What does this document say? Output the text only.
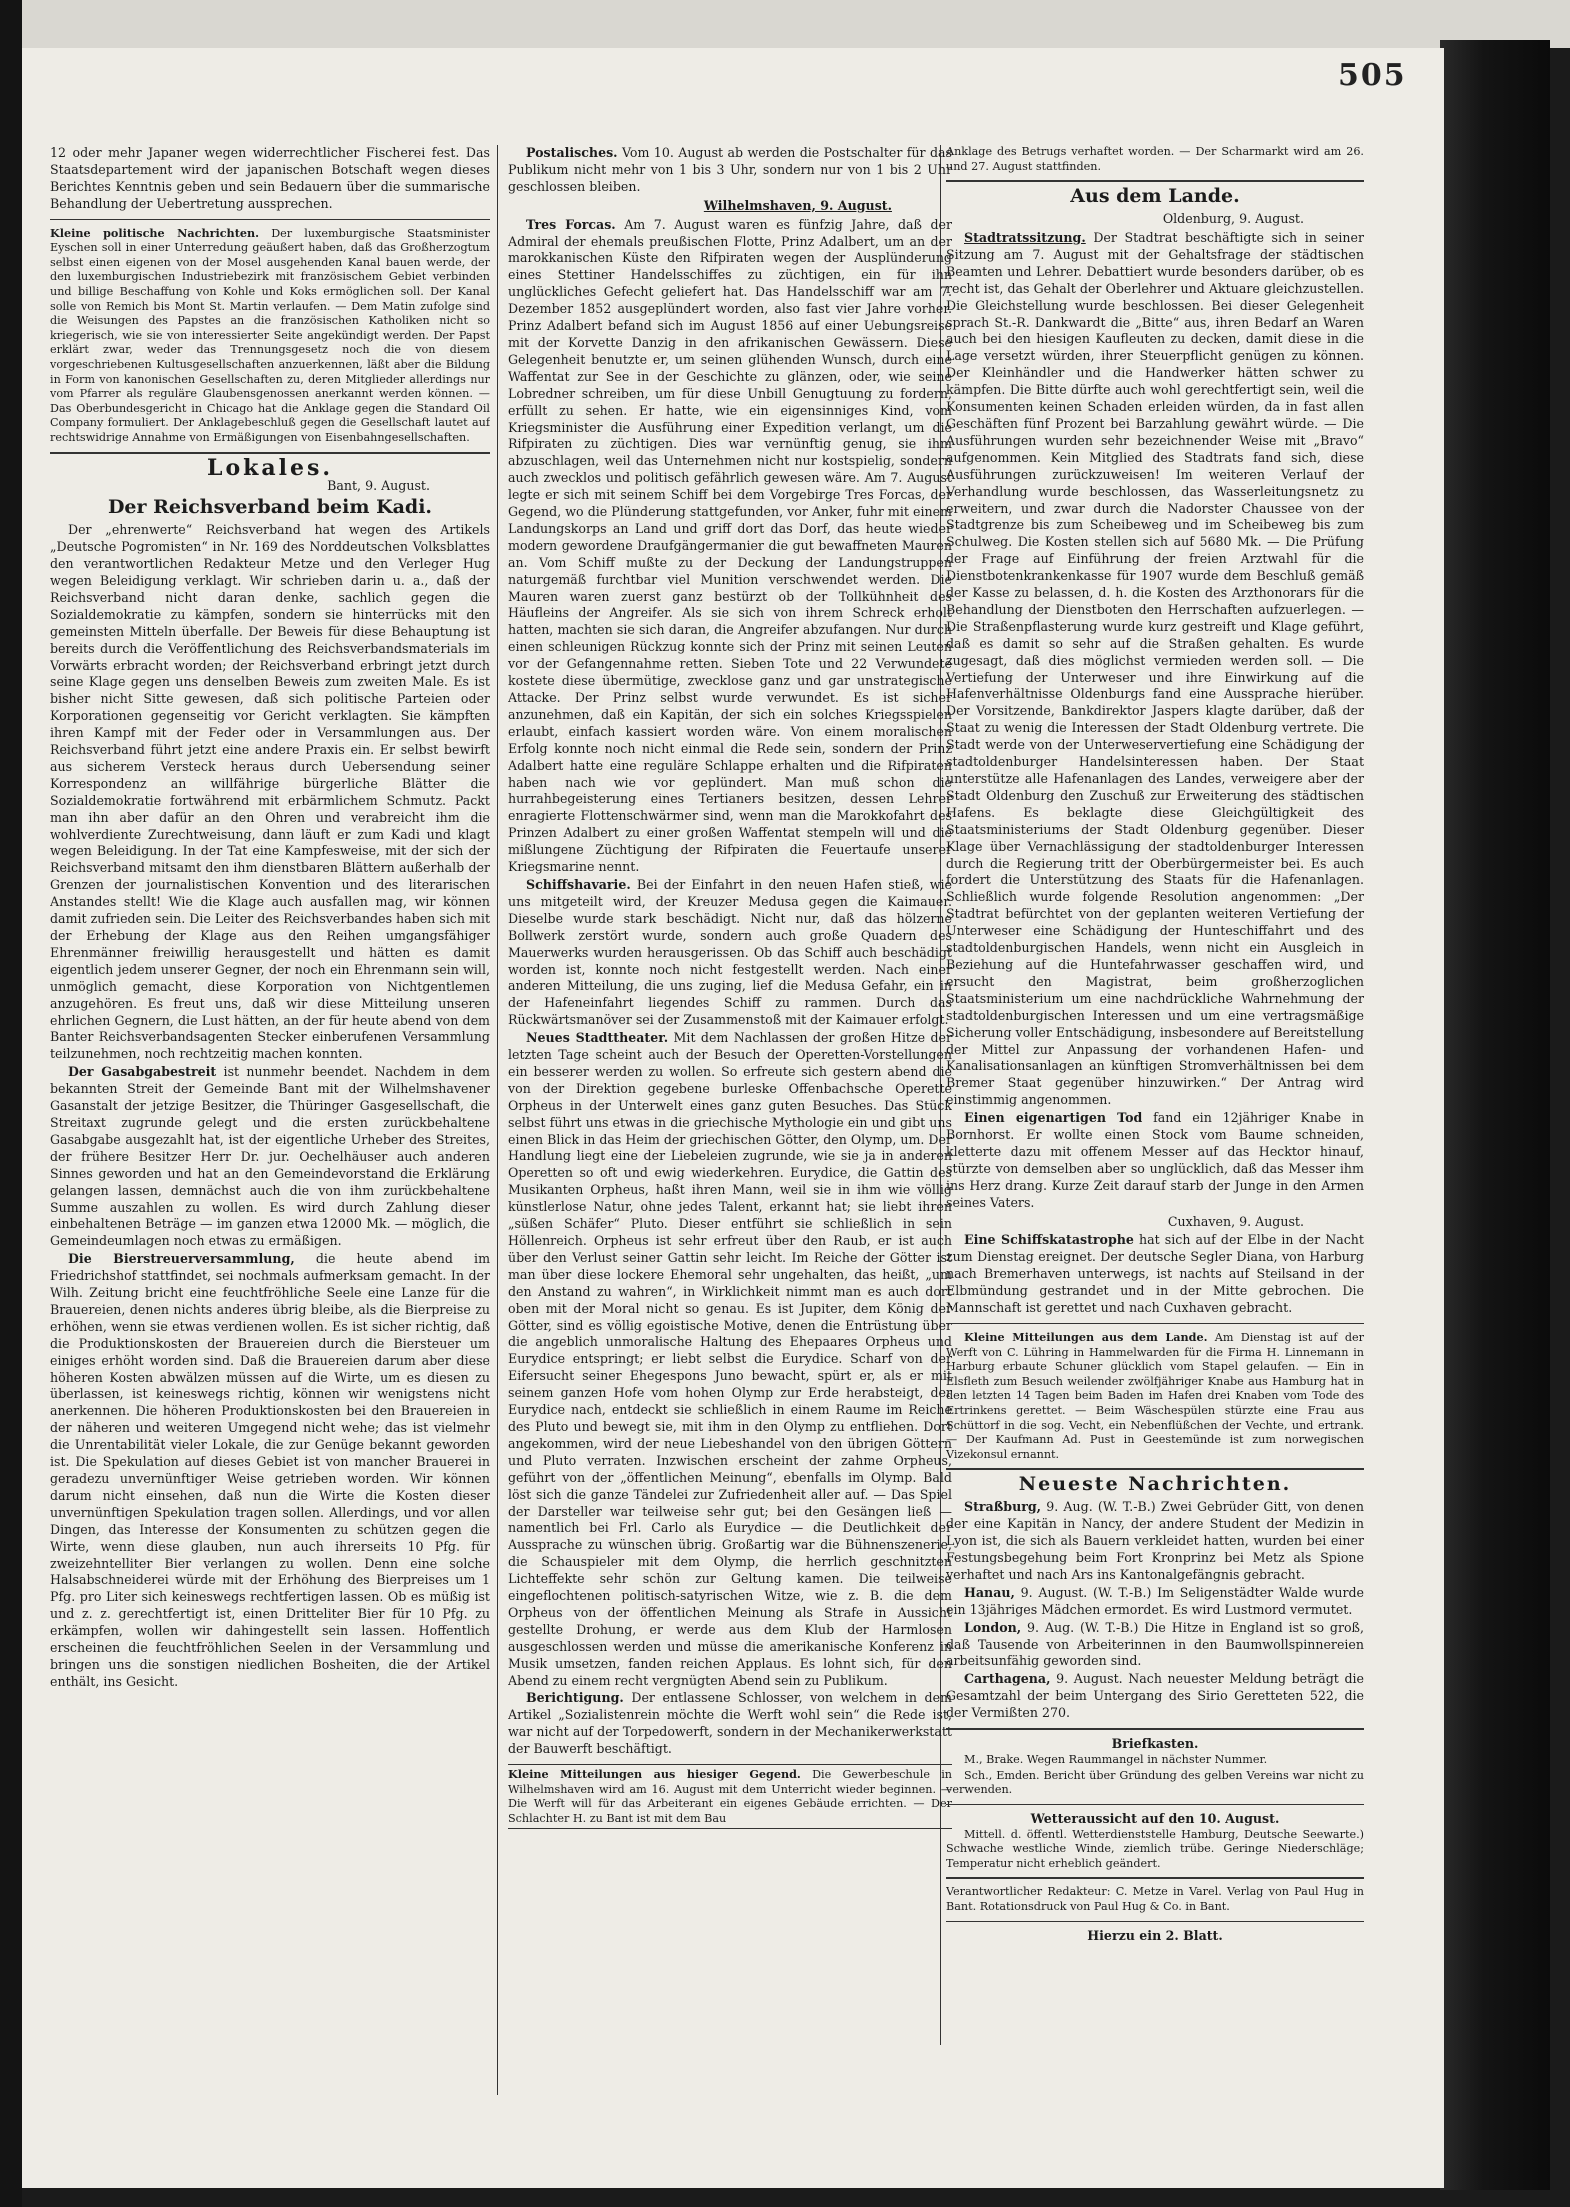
505

12 oder mehr Japaner wegen widerrechtlicher Fischerei fest. Das Staatsdepartement wird der japanischen Botschaft wegen dieses Berichtes Kenntnis geben und sein Bedauern über die summarische Behandlung der Uebertretung aussprechen.

Kleine politische Nachrichten. Der luxemburgische Staatsminister Eyschen soll in einer Unterredung geäußert haben, daß das Großherzogtum selbst einen eigenen von der Mosel ausgehenden Kanal bauen werde, der den luxemburgischen Industriebezirk mit französischem Gebiet verbinden und billige Beschaffung von Kohle und Koks ermöglichen soll. Der Kanal solle von Remich bis Mont St. Martin verlaufen. — Dem Matin zufolge sind die Weisungen des Papstes an die französischen Katholiken nicht so kriegerisch, wie sie von interessierter Seite angekündigt werden. Der Papst erklärt zwar, weder das Trennungsgesetz noch die von diesem vorgeschriebenen Kultusgesellschaften anzuerkennen, läßt aber die Bildung in Form von kanonischen Gesellschaften zu, deren Mitglieder allerdings nur vom Pfarrer als reguläre Glaubensgenossen anerkannt werden können. — Das Oberbundesgericht in Chicago hat die Anklage gegen die Standard Oil Company formuliert. Der Anklagebeschluß gegen die Gesellschaft lautet auf rechtswidrige Annahme von Ermäßigungen von Eisenbahngesellschaften.

Lokales.
Bant, 9. August.
Der Reichsverband beim Kadi.

Der „ehrenwerte“ Reichsverband hat wegen des Artikels „Deutsche Pogromisten“ in Nr. 169 des Norddeutschen Volksblattes den verantwortlichen Redakteur Metze und den Verleger Hug wegen Beleidigung verklagt. Wir schrieben darin u. a., daß der Reichsverband nicht daran denke, sachlich gegen die Sozialdemokratie zu kämpfen, sondern sie hinterrücks mit den gemeinsten Mitteln überfalle. Der Beweis für diese Behauptung ist bereits durch die Veröffentlichung des Reichsverbandsmaterials im Vorwärts erbracht worden; der Reichsverband erbringt jetzt durch seine Klage gegen uns denselben Beweis zum zweiten Male. Es ist bisher nicht Sitte gewesen, daß sich politische Parteien oder Korporationen gegenseitig vor Gericht verklagten. Sie kämpften ihren Kampf mit der Feder oder in Versammlungen aus. Der Reichsverband führt jetzt eine andere Praxis ein. Er selbst bewirft aus sicherem Versteck heraus durch Uebersendung seiner Korrespondenz an willfährige bürgerliche Blätter die Sozialdemokratie fortwährend mit erbärmlichem Schmutz. Packt man ihn aber dafür an den Ohren und verabreicht ihm die wohlverdiente Zurechtweisung, dann läuft er zum Kadi und klagt wegen Beleidigung. In der Tat eine Kampfesweise, mit der sich der Reichsverband mitsamt den ihm dienstbaren Blättern außerhalb der Grenzen der journalistischen Konvention und des literarischen Anstandes stellt! Wie die Klage auch ausfallen mag, wir können damit zufrieden sein. Die Leiter des Reichsverbandes haben sich mit der Erhebung der Klage aus den Reihen umgangsfähiger Ehrenmänner freiwillig herausgestellt und hätten es damit eigentlich jedem unserer Gegner, der noch ein Ehrenmann sein will, unmöglich gemacht, diese Korporation von Nichtgentlemen anzugehören. Es freut uns, daß wir diese Mitteilung unseren ehrlichen Gegnern, die Lust hätten, an der für heute abend von dem Banter Reichsverbandsagenten Stecker einberufenen Versammlung teilzunehmen, noch rechtzeitig machen konnten.

Der Gasabgabestreit ist nunmehr beendet. Nachdem in dem bekannten Streit der Gemeinde Bant mit der Wilhelmshavener Gasanstalt der jetzige Besitzer, die Thüringer Gasgesellschaft, die Streitaxt zugrunde gelegt und die ersten zurückbehaltene Gasabgabe ausgezahlt hat, ist der eigentliche Urheber des Streites, der frühere Besitzer Herr Dr. jur. Oechelhäuser auch anderen Sinnes geworden und hat an den Gemeindevorstand die Erklärung gelangen lassen, demnächst auch die von ihm zurückbehaltene Summe auszahlen zu wollen. Es wird durch Zahlung dieser einbehaltenen Beträge — im ganzen etwa 12000 Mk. — möglich, die Gemeindeumlagen noch etwas zu ermäßigen.

Die Bierstreuerversammlung, die heute abend im Friedrichshof stattfindet, sei nochmals aufmerksam gemacht. In der Wilh. Zeitung bricht eine feuchtfröhliche Seele eine Lanze für die Brauereien, denen nichts anderes übrig bleibe, als die Bierpreise zu erhöhen, wenn sie etwas verdienen wollen. Es ist sicher richtig, daß die Produktionskosten der Brauereien durch die Biersteuer um einiges erhöht worden sind. Daß die Brauereien darum aber diese höheren Kosten abwälzen müssen auf die Wirte, um es diesen zu überlassen, ist keineswegs richtig, können wir wenigstens nicht anerkennen. Die höheren Produktionskosten bei den Brauereien in der näheren und weiteren Umgegend nicht wehe; das ist vielmehr die Unrentabilität vieler Lokale, die zur Genüge bekannt geworden ist. Die Spekulation auf dieses Gebiet ist von mancher Brauerei in geradezu unvernünftiger Weise getrieben worden. Wir können darum nicht einsehen, daß nun die Wirte die Kosten dieser unvernünftigen Spekulation tragen sollen. Allerdings, und vor allen Dingen, das Interesse der Konsumenten zu schützen gegen die Wirte, wenn diese glauben, nun auch ihrerseits 10 Pfg. für zweizehntelliter Bier verlangen zu wollen. Denn eine solche Halsabschneiderei würde mit der Erhöhung des Bierpreises um 1 Pfg. pro Liter sich keineswegs rechtfertigen lassen. Ob es müßig ist und z. z. gerechtfertigt ist, einen Dritteliter Bier für 10 Pfg. zu erkämpfen, wollen wir dahingestellt sein lassen. Hoffentlich erscheinen die feuchtfröhlichen Seelen in der Versammlung und bringen uns die sonstigen niedlichen Bosheiten, die der Artikel enthält, ins Gesicht.

Postalisches. Vom 10. August ab werden die Postschalter für das Publikum nicht mehr von 1 bis 3 Uhr, sondern nur von 1 bis 2 Uhr geschlossen bleiben.

Wilhelmshaven, 9. August.

Tres Forcas. Am 7. August waren es fünfzig Jahre, daß der Admiral der ehemals preußischen Flotte, Prinz Adalbert, um an der marokkanischen Küste den Rifpiraten wegen der Ausplünderung eines Stettiner Handelsschiffes zu züchtigen, ein für ihn unglückliches Gefecht geliefert hat. Das Handelsschiff war am 7. Dezember 1852 ausgeplündert worden, also fast vier Jahre vorher. Prinz Adalbert befand sich im August 1856 auf einer Uebungsreise mit der Korvette Danzig in den afrikanischen Gewässern. Diese Gelegenheit benutzte er, um seinen glühenden Wunsch, durch eine Waffentat zur See in der Geschichte zu glänzen, oder, wie seine Lobredner schreiben, um für diese Unbill Genugtuung zu fordern, erfüllt zu sehen. Er hatte, wie ein eigensinniges Kind, vom Kriegsminister die Ausführung einer Expedition verlangt, um die Rifpiraten zu züchtigen. Dies war vernünftig genug, sie ihm abzuschlagen, weil das Unternehmen nicht nur kostspielig, sondern auch zwecklos und politisch gefährlich gewesen wäre. Am 7. August legte er sich mit seinem Schiff bei dem Vorgebirge Tres Forcas, der Gegend, wo die Plünderung stattgefunden, vor Anker, fuhr mit einem Landungskorps an Land und griff dort das Dorf, das heute wieder modern gewordene Draufgängermanier die gut bewaffneten Mauren an. Vom Schiff mußte zu der Deckung der Landungstruppen naturgemäß furchtbar viel Munition verschwendet werden. Die Mauren waren zuerst ganz bestürzt ob der Tollkühnheit des Häufleins der Angreifer. Als sie sich von ihrem Schreck erholt hatten, machten sie sich daran, die Angreifer abzufangen. Nur durch einen schleunigen Rückzug konnte sich der Prinz mit seinen Leuten vor der Gefangennahme retten. Sieben Tote und 22 Verwundete kostete diese übermütige, zwecklose ganz und gar unstrategische Attacke. Der Prinz selbst wurde verwundet. Es ist sicher anzunehmen, daß ein Kapitän, der sich ein solches Kriegsspielen erlaubt, einfach kassiert worden wäre. Von einem moralischen Erfolg konnte noch nicht einmal die Rede sein, sondern der Prinz Adalbert hatte eine reguläre Schlappe erhalten und die Rifpiraten haben nach wie vor geplündert. Man muß schon die hurrahbegeisterung eines Tertianers besitzen, dessen Lehrer enragierte Flottenschwärmer sind, wenn man die Marokkofahrt des Prinzen Adalbert zu einer großen Waffentat stempeln will und die mißlungene Züchtigung der Rifpiraten die Feuertaufe unserer Kriegsmarine nennt.

Schiffshavarie. Bei der Einfahrt in den neuen Hafen stieß, wie uns mitgeteilt wird, der Kreuzer Medusa gegen die Kaimauer. Dieselbe wurde stark beschädigt. Nicht nur, daß das hölzerne Bollwerk zerstört wurde, sondern auch große Quadern des Mauerwerks wurden herausgerissen. Ob das Schiff auch beschädigt worden ist, konnte noch nicht festgestellt werden. Nach einer anderen Mitteilung, die uns zuging, lief die Medusa Gefahr, ein in der Hafeneinfahrt liegendes Schiff zu rammen. Durch das Rückwärtsmanöver sei der Zusammenstoß mit der Kaimauer erfolgt.

Neues Stadttheater. Mit dem Nachlassen der großen Hitze der letzten Tage scheint auch der Besuch der Operetten-Vorstellungen ein besserer werden zu wollen. So erfreute sich gestern abend die von der Direktion gegebene burleske Offenbachsche Operette Orpheus in der Unterwelt eines ganz guten Besuches. Das Stück selbst führt uns etwas in die griechische Mythologie ein und gibt uns einen Blick in das Heim der griechischen Götter, den Olymp, um. Der Handlung liegt eine der Liebeleien zugrunde, wie sie ja in anderen Operetten so oft und ewig wiederkehren. Eurydice, die Gattin des Musikanten Orpheus, haßt ihren Mann, weil sie in ihm wie völlig künstlerlose Natur, ohne jedes Talent, erkannt hat; sie liebt ihren „süßen Schäfer“ Pluto. Dieser entführt sie schließlich in sein Höllenreich. Orpheus ist sehr erfreut über den Raub, er ist auch über den Verlust seiner Gattin sehr leicht. Im Reiche der Götter ist man über diese lockere Ehemoral sehr ungehalten, das heißt, „um den Anstand zu wahren“, in Wirklichkeit nimmt man es auch dort oben mit der Moral nicht so genau. Es ist Jupiter, dem König der Götter, sind es völlig egoistische Motive, denen die Entrüstung über die angeblich unmoralische Haltung des Ehepaares Orpheus und Eurydice entspringt; er liebt selbst die Eurydice. Scharf von der Eifersucht seiner Ehegespons Juno bewacht, spürt er, als er mit seinem ganzen Hofe vom hohen Olymp zur Erde herabsteigt, der Eurydice nach, entdeckt sie schließlich in einem Raume im Reiche des Pluto und bewegt sie, mit ihm in den Olymp zu entfliehen. Dort angekommen, wird der neue Liebeshandel von den übrigen Göttern und Pluto verraten. Inzwischen erscheint der zahme Orpheus, geführt von der „öffentlichen Meinung“, ebenfalls im Olymp. Bald löst sich die ganze Tändelei zur Zufriedenheit aller auf. — Das Spiel der Darsteller war teilweise sehr gut; bei den Gesängen ließ — namentlich bei Frl. Carlo als Eurydice — die Deutlichkeit der Aussprache zu wünschen übrig. Großartig war die Bühnenszenerie, die Schauspieler mit dem Olymp, die herrlich geschnitzten Lichteffekte sehr schön zur Geltung kamen. Die teilweise eingeflochtenen politisch-satyrischen Witze, wie z. B. die dem Orpheus von der öffentlichen Meinung als Strafe in Aussicht gestellte Drohung, er werde aus dem Klub der Harmlosen ausgeschlossen werden und müsse die amerikanische Konferenz in Musik umsetzen, fanden reichen Applaus. Es lohnt sich, für den Abend zu einem recht vergnügten Abend sein zu Publikum.

Berichtigung. Der entlassene Schlosser, von welchem in dem Artikel „Sozialistenrein möchte die Werft wohl sein“ die Rede ist, war nicht auf der Torpedowerft, sondern in der Mechanikerwerkstatt der Bauwerft beschäftigt.

Kleine Mitteilungen aus hiesiger Gegend. Die Gewerbeschule in Wilhelmshaven wird am 16. August mit dem Unterricht wieder beginnen. — Die Werft will für das Arbeiterant ein eigenes Gebäude errichten. — Der Schlachter H. zu Bant ist mit dem Bau

Anklage des Betrugs verhaftet worden. — Der Scharmarkt wird am 26. und 27. August stattfinden.

Aus dem Lande.
Oldenburg, 9. August.

Stadtratssitzung. Der Stadtrat beschäftigte sich in seiner Sitzung am 7. August mit der Gehaltsfrage der städtischen Beamten und Lehrer. Debattiert wurde besonders darüber, ob es recht ist, das Gehalt der Oberlehrer und Aktuare gleichzustellen. Die Gleichstellung wurde beschlossen. Bei dieser Gelegenheit sprach St.-R. Dankwardt die „Bitte“ aus, ihren Bedarf an Waren auch bei den hiesigen Kaufleuten zu decken, damit diese in die Lage versetzt würden, ihrer Steuerpflicht genügen zu können. Der Kleinhändler und die Handwerker hätten schwer zu kämpfen. Die Bitte dürfte auch wohl gerechtfertigt sein, weil die Konsumenten keinen Schaden erleiden würden, da in fast allen Geschäften fünf Prozent bei Barzahlung gewährt würde. — Die Ausführungen wurden sehr bezeichnender Weise mit „Bravo“ aufgenommen. Kein Mitglied des Stadtrats fand sich, diese Ausführungen zurückzuweisen! Im weiteren Verlauf der Verhandlung wurde beschlossen, das Wasserleitungsnetz zu erweitern, und zwar durch die Nadorster Chaussee von der Stadtgrenze bis zum Scheibeweg und im Scheibeweg bis zum Schulweg. Die Kosten stellen sich auf 5680 Mk. — Die Prüfung der Frage auf Einführung der freien Arztwahl für die Dienstbotenkrankenkasse für 1907 wurde dem Beschluß gemäß der Kasse zu belassen, d. h. die Kosten des Arzthonorars für die Behandlung der Dienstboten den Herrschaften aufzuerlegen. — Die Straßenpflasterung wurde kurz gestreift und Klage geführt, daß es damit so sehr auf die Straßen gehalten. Es wurde zugesagt, daß dies möglichst vermieden werden soll. — Die Vertiefung der Unterweser und ihre Einwirkung auf die Hafenverhältnisse Oldenburgs fand eine Aussprache hierüber. Der Vorsitzende, Bankdirektor Jaspers klagte darüber, daß der Staat zu wenig die Interessen der Stadt Oldenburg vertrete. Die Stadt werde von der Unterweservertiefung eine Schädigung der stadtoldenburger Handelsinteressen haben. Der Staat unterstütze alle Hafenanlagen des Landes, verweigere aber der Stadt Oldenburg den Zuschuß zur Erweiterung des städtischen Hafens. Es beklagte diese Gleichgültigkeit des Staatsministeriums der Stadt Oldenburg gegenüber. Dieser Klage über Vernachlässigung der stadtoldenburger Interessen durch die Regierung tritt der Oberbürgermeister bei. Es auch fordert die Unterstützung des Staats für die Hafenanlagen. Schließlich wurde folgende Resolution angenommen: „Der Stadtrat befürchtet von der geplanten weiteren Vertiefung der Unterweser eine Schädigung der Hunteschiffahrt und des stadtoldenburgischen Handels, wenn nicht ein Ausgleich in Beziehung auf die Huntefahrwasser geschaffen wird, und ersucht den Magistrat, beim großherzoglichen Staatsministerium um eine nachdrückliche Wahrnehmung der stadtoldenburgischen Interessen und um eine vertragsmäßige Sicherung voller Entschädigung, insbesondere auf Bereitstellung der Mittel zur Anpassung der vorhandenen Hafen- und Kanalisationsanlagen an künftigen Stromverhältnissen bei dem Bremer Staat gegenüber hinzuwirken.“ Der Antrag wird einstimmig angenommen.

Einen eigenartigen Tod fand ein 12jähriger Knabe in Bornhorst. Er wollte einen Stock vom Baume schneiden, kletterte dazu mit offenem Messer auf das Hecktor hinauf, stürzte von demselben aber so unglücklich, daß das Messer ihm ins Herz drang. Kurze Zeit darauf starb der Junge in den Armen seines Vaters.

Cuxhaven, 9. August.

Eine Schiffskatastrophe hat sich auf der Elbe in der Nacht zum Dienstag ereignet. Der deutsche Segler Diana, von Harburg nach Bremerhaven unterwegs, ist nachts auf Steilsand in der Elbmündung gestrandet und in der Mitte gebrochen. Die Mannschaft ist gerettet und nach Cuxhaven gebracht.

Kleine Mitteilungen aus dem Lande. Am Dienstag ist auf der Werft von C. Lühring in Hammelwarden für die Firma H. Linnemann in Harburg erbaute Schuner glücklich vom Stapel gelaufen. — Ein in Elsfleth zum Besuch weilender zwölfjähriger Knabe aus Hamburg hat in den letzten 14 Tagen beim Baden im Hafen drei Knaben vom Tode des Ertrinkens gerettet. — Beim Wäschespülen stürzte eine Frau aus Schüttorf in die sog. Vecht, ein Nebenflüßchen der Vechte, und ertrank. — Der Kaufmann Ad. Pust in Geestemünde ist zum norwegischen Vizekonsul ernannt.

Neueste Nachrichten.

Straßburg, 9. Aug. (W. T.-B.) Zwei Gebrüder Gitt, von denen der eine Kapitän in Nancy, der andere Student der Medizin in Lyon ist, die sich als Bauern verkleidet hatten, wurden bei einer Festungsbegehung beim Fort Kronprinz bei Metz als Spione verhaftet und nach Ars ins Kantonalgefängnis gebracht.

Hanau, 9. August. (W. T.-B.) Im Seligenstädter Walde wurde ein 13jähriges Mädchen ermordet. Es wird Lustmord vermutet.

London, 9. Aug. (W. T.-B.) Die Hitze in England ist so groß, daß Tausende von Arbeiterinnen in den Baumwollspinnereien arbeitsunfähig geworden sind.

Carthagena, 9. August. Nach neuester Meldung beträgt die Gesamtzahl der beim Untergang des Sirio Geretteten 522, die der Vermißten 270.

Briefkasten.

M., Brake. Wegen Raummangel in nächster Nummer.

Sch., Emden. Bericht über Gründung des gelben Vereins war nicht zu verwenden.

Wetteraussicht auf den 10. August.

Mittell. d. öffentl. Wetterdienststelle Hamburg, Deutsche Seewarte.) Schwache westliche Winde, ziemlich trübe. Geringe Niederschläge; Temperatur nicht erheblich geändert.

Verantwortlicher Redakteur: C. Metze in Varel. Verlag von Paul Hug in Bant. Rotationsdruck von Paul Hug & Co. in Bant.

Hierzu ein 2. Blatt.
